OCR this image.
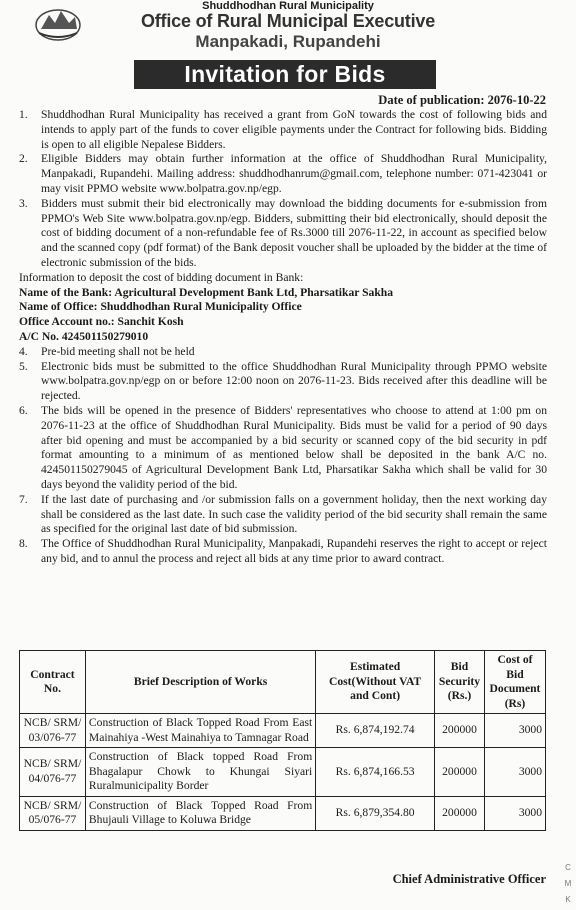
Shuddhodhan Rural Municipality
Office of Rural Municipal Executive
Manpakadi, Rupandehi
Invitation for Bids
Date of publication: 2076-10-22
1.	Shuddhodhan Rural Municipality has received a grant from GoN towards the cost of following bids and intends to apply part of the funds to cover eligible payments under the Contract for following bids. Bidding is open to all eligible Nepalese Bidders.
2.	Eligible Bidders may obtain further information at the office of Shuddhodhan Rural Municipality, Manpakadi, Rupandehi. Mailing address: shuddhodhanrum@gmail.com, telephone number: 071-423041 or may visit PPMO website www.bolpatra.gov.np/egp.
3.	Bidders must submit their bid electronically may download the bidding documents for e-submission from PPMO's Web Site www.bolpatra.gov.np/egp. Bidders, submitting their bid electronically, should deposit the cost of bidding document of a non-refundable fee of Rs.3000 till 2076-11-22, in account as specified below and the scanned copy (pdf format) of the Bank deposit voucher shall be uploaded by the bidder at the time of electronic submission of the bids.
Information to deposit the cost of bidding document in Bank:
Name of the Bank: Agricultural Development Bank Ltd, Pharsatikar Sakha
Name of Office: Shuddhodhan Rural Municipality Office
Office Account no.: Sanchit Kosh
A/C No. 424501150279010
4.	Pre-bid meeting shall not be held
5.	Electronic bids must be submitted to the office Shuddhodhan Rural Municipality through PPMO website www.bolpatra.gov.np/egp on or before 12:00 noon on 2076-11-23. Bids received after this deadline will be rejected.
6.	The bids will be opened in the presence of Bidders' representatives who choose to attend at 1:00 pm on 2076-11-23 at the office of Shuddhodhan Rural Municipality. Bids must be valid for a period of 90 days after bid opening and must be accompanied by a bid security or scanned copy of the bid security in pdf format amounting to a minimum of as mentioned below shall be deposited in the bank A/C no. 424501150279045 of Agricultural Development Bank Ltd, Pharsatikar Sakha which shall be valid for 30 days beyond the validity period of the bid.
7.	If the last date of purchasing and /or submission falls on a government holiday, then the next working day shall be considered as the last date. In such case the validity period of the bid security shall remain the same as specified for the original last date of bid submission.
8.	The Office of Shuddhodhan Rural Municipality, Manpakadi, Rupandehi reserves the right to accept or reject any bid, and to annul the process and reject all bids at any time prior to award contract.
Contract No.	Brief Description of Works	Estimated Cost(Without VAT and Cont)	Bid Security (Rs.)	Cost of Bid Document (Rs)
NCB/ SRM/ 03/076-77	Construction of Black Topped Road From East Mainahiya -West Mainahiya to Tamnagar Road	Rs. 6,874,192.74	200000	3000
NCB/ SRM/ 04/076-77	Construction of Black topped Road From Bhagalapur Chowk to Khungai Siyari Ruralmunicipality Border	Rs. 6,874,166.53	200000	3000
NCB/ SRM/ 05/076-77	Construction of Black Topped Road From Bhujauli Village to Koluwa Bridge	Rs. 6,879,354.80	200000	3000
Chief Administrative Officer
C
M
K
